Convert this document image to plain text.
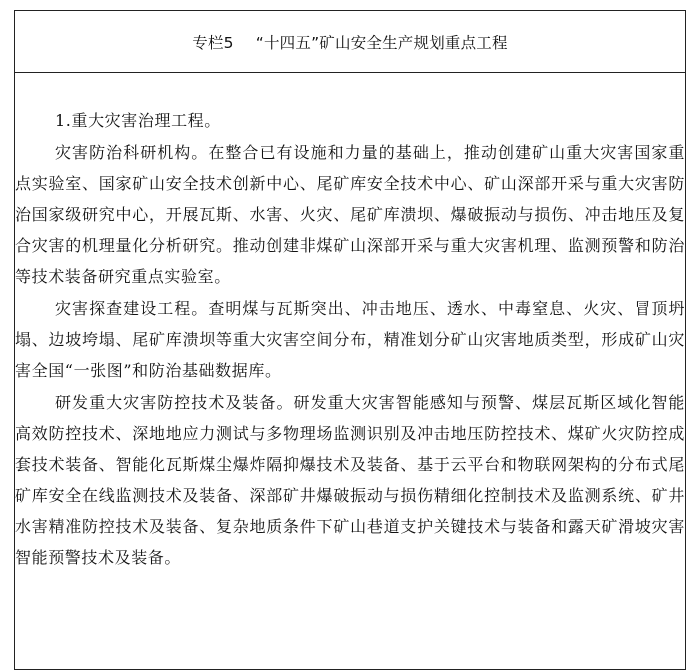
专栏5 “十四五”矿山安全生产规划重点工程

1.重大灾害治理工程。

灾害防治科研机构。在整合已有设施和力量的基础上，推动创建矿山重大灾害国家重点实验室、国家矿山安全技术创新中心、尾矿库安全技术中心、矿山深部开采与重大灾害防治国家级研究中心，开展瓦斯、水害、火灾、尾矿库溃坝、爆破振动与损伤、冲击地压及复合灾害的机理量化分析研究。推动创建非煤矿山深部开采与重大灾害机理、监测预警和防治等技术装备研究重点实验室。

灾害探查建设工程。查明煤与瓦斯突出、冲击地压、透水、中毒窒息、火灾、冒顶坍塌、边坡垮塌、尾矿库溃坝等重大灾害空间分布，精准划分矿山灾害地质类型，形成矿山灾害全国“一张图”和防治基础数据库。

研发重大灾害防控技术及装备。研发重大灾害智能感知与预警、煤层瓦斯区域化智能高效防控技术、深地地应力测试与多物理场监测识别及冲击地压防控技术、煤矿火灾防控成套技术装备、智能化瓦斯煤尘爆炸隔抑爆技术及装备、基于云平台和物联网架构的分布式尾矿库安全在线监测技术及装备、深部矿井爆破振动与损伤精细化控制技术及监测系统、矿井水害精准防控技术及装备、复杂地质条件下矿山巷道支护关键技术与装备和露天矿滑坡灾害智能预警技术及装备。
